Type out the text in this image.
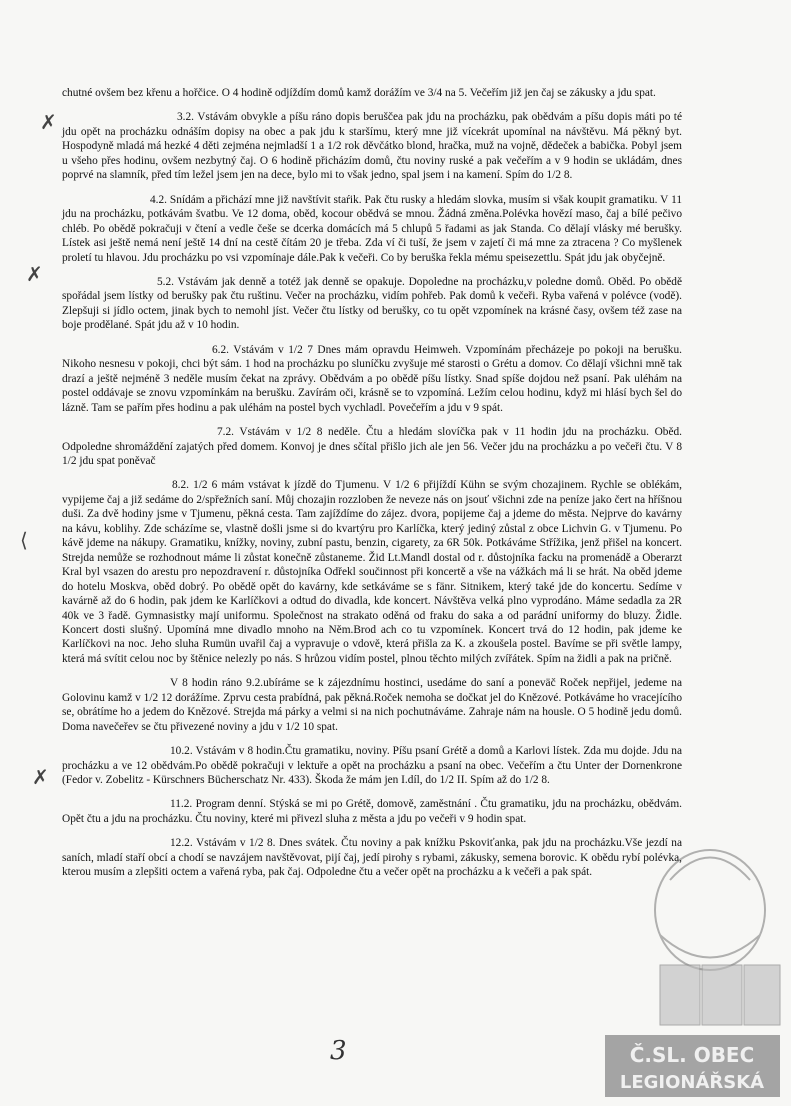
chutné ovšem bez křenu a hořčice. O 4 hodině odjíždím domů kamž dorážím ve 3/4 na 5. Večeřím již jen čaj se zákusky a jdu spat.

3.2. Vstávám obvykle a píšu ráno dopis beruščea pak jdu na procházku, pak obědvám a píšu dopis máti po té jdu opět na procházku odnáším dopisy na obec a pak jdu k staršímu, který mne již vícekrát upomínal na návštěvu. Má pěkný byt. Hospodyně mladá má hezké 4 děti zejména nejmladší 1 a 1/2 rok děvčátko blond, hračka, muž na vojně, dědeček a babička. Pobyl jsem u všeho přes hodinu, ovšem nezbytný čaj. O 6 hodině přicházím domů, čtu noviny ruské a pak večeřím a v 9 hodin se ukládám, dnes poprvé na slamník, před tím ležel jsem jen na dece, bylo mi to však jedno, spal jsem i na kamení. Spím do 1/2 8.

4.2. Snídám a přichází mne již navštívit staŕik. Pak čtu rusky a hledám slovka, musím si však koupit gramatiku. V 11 jdu na procházku, potkávám švatbu. Ve 12 doma, oběd, kocour obědvá se mnou. Žádná změna.Polévka hovězí maso, čaj a bílé pečivo chléb. Po obědě pokračuji v čtení a vedle češe se dcerka domácích má 5 chlupů 5 řadami as jak Standa. Co dělají vlásky mé berušky. Lístek asi ještě nemá není ještě 14 dní na cestě čítám 20 je třeba. Zda ví či tuší, že jsem v zajetí či má mne za ztracena ? Co myšlenek proletí tu hlavou. Jdu procházku po vsi vzpomínaje dále.Pak k večeři. Co by beruška řekla mému speisezettlu. Spát jdu jak obyčejně.

5.2. Vstávám jak denně a totéž jak denně se opakuje. Dopoledne na procházku,v poledne domů. Oběd. Po obědě spořádal jsem lístky od berušky pak čtu ruštinu. Večer na procházku, vidím pohřeb. Pak domů k večeři. Ryba vařená v polévce (vodě). Zlepšuji si jídlo octem, jinak bych to nemohl jíst. Večer čtu lístky od berušky, co tu opět vzpomínek na krásné časy, ovšem též zase na boje prodělané. Spát jdu až v 10 hodin.

6.2. Vstávám v 1/2 7 Dnes mám opravdu Heimweh. Vzpomínám přecházeje po pokoji na berušku. Nikoho nesnesu v pokoji, chci být sám. 1 hod na procházku po sluníčku zvyšuje mé starosti o Grétu a domov. Co dělají všichni mně tak drazí a ještě nejméně 3 neděle musím čekat na zprávy. Obědvám a po obědě píšu lístky. Snad spíše dojdou než psaní. Pak uléhám na postel oddávaje se znovu vzpomínkám na berušku. Zavírám oči, krásně se to vzpomíná. Ležím celou hodinu, když mi hlásí bych šel do lázně. Tam se pařím přes hodinu a pak uléhám na postel bych vychladl. Povečeřím a jdu v 9 spát.

7.2. Vstávám v 1/2 8 neděle. Čtu a hledám slovíčka pak v 11 hodin jdu na procházku. Oběd. Odpoledne shromáždění zajatých před domem. Konvoj je dnes sčítal přišlo jich ale jen 56. Večer jdu na procházku a po večeři čtu. V 8 1/2 jdu spat poněvač

8.2. 1/2 6 mám vstávat k jízdě do Tjumenu. V 1/2 6 přijíždí Kühn se svým chozajinem. Rychle se oblékám, vypijeme čaj a již sedáme do 2/spřežních saní. Můj chozajin rozzloben že neveze nás on jsouť všichni zde na peníze jako čert na hříšnou duši. Za dvě hodiny jsme v Tjumenu, pěkná cesta. Tam zajíždíme do zájez. dvora, popijeme čaj a jdeme do města. Nejprve do kavárny na kávu, koblihy. Zde scházíme se, vlastně došli jsme si do kvartýru pro Karlíčka, který jediný zůstal z obce Lichvin G. v Tjumenu. Po kávě jdeme na nákupy. Gramatiku, knížky, noviny, zubní pastu, benzin, cigarety, za 6R 50k. Potkáváme Střížika, jenž přišel na koncert. Strejda nemůže se rozhodnout máme li zůstat konečně zůstaneme. Žid Lt.Mandl dostal od r. důstojníka facku na promenádě a Oberarzt Kral byl vsazen do arestu pro nepozdravení r. důstojníka Odřekl součinnost při koncertě a vše na vážkách má li se hrát. Na oběd jdeme do hotelu Moskva, oběd dobrý. Po obědě opět do kavárny, kde setkáváme se s fänr. Sitnikem, který také jde do koncertu. Sedíme v kavárně až do 6 hodin, pak jdem ke Karlíčkovi a odtud do divadla, kde koncert. Návštěva velká plno vyprodáno. Máme sedadla za 2R 40k ve 3 řadě. Gymnasistky mají uniformu. Společnost na strakato oděná od fraku do saka a od parádní uniformy do bluzy. Židle. Koncert dosti slušný. Upomíná mne divadlo mnoho na Něm.Brod ach co tu vzpomínek. Koncert trvá do 12 hodin, pak jdeme ke Karlíčkovi na noc. Jeho sluha Rumün uvařil čaj a vypravuje o vdově, která přišla za K. a zkoušela postel. Bavíme se při světle lampy, která má svítit celou noc by štěnice nelezly po nás. S hrůzou vidím postel, plnou těchto milých zvířátek. Spím na židli a pak na pričně.

V 8 hodin ráno 9.2.ubíráme se k zájezdnímu hostinci, usedáme do saní a poneväč Roček nepřijel, jedeme na Golovinu kamž v 1/2 12 dorážíme. Zprvu cesta prabídná, pak pěkná.Roček nemoha se dočkat jel do Knězové. Potkáváme ho vracejícího se, obrátíme ho a jedem do Knězové. Strejda má párky a velmi si na nich pochutnáváme. Zahraje nám na housle. O 5 hodině jedu domů. Doma navečeřev se čtu přivezené noviny a jdu v 1/2 10 spat.

10.2. Vstávám v 8 hodin.Čtu gramatiku, noviny. Píšu psaní Grétě a domů a Karlovi lístek. Zda mu dojde. Jdu na procházku a ve 12 obědvám.Po obědě pokračuji v lektuře a opět na procházku a psaní na obec. Večeřím a čtu Unter der Dornenkrone (Fedor v. Zobelitz - Kürschners Bücherschatz Nr. 433). Škoda že mám jen I.díl, do 1/2 II. Spím až do 1/2 8.

11.2. Program denní. Stýská se mi po Grétě, domově, zaměstnání . Čtu gramatiku, jdu na procházku, obědvám. Opět čtu a jdu na procházku. Čtu noviny, které mi přivezl sluha z města a jdu po večeři v 9 hodin spat.

12.2. Vstávám v 1/2 8. Dnes svátek. Čtu noviny a pak knížku Pskoviťanka, pak jdu na procházku.Vše jezdí na saních, mladí staří obcí a chodí se navzájem navštěvovat, pijí čaj, jedí pirohy s rybami, zákusky, semena borovic. K obědu rybí polévka, kterou musím a zlepšiti octem a vařená ryba, pak čaj. Odpoledne čtu a večer opět na procházku a k večeři a pak spát.

✗
✗
⟨
✗
3	Č.SL. OBEC
LEGIONÁŘSKÁ
